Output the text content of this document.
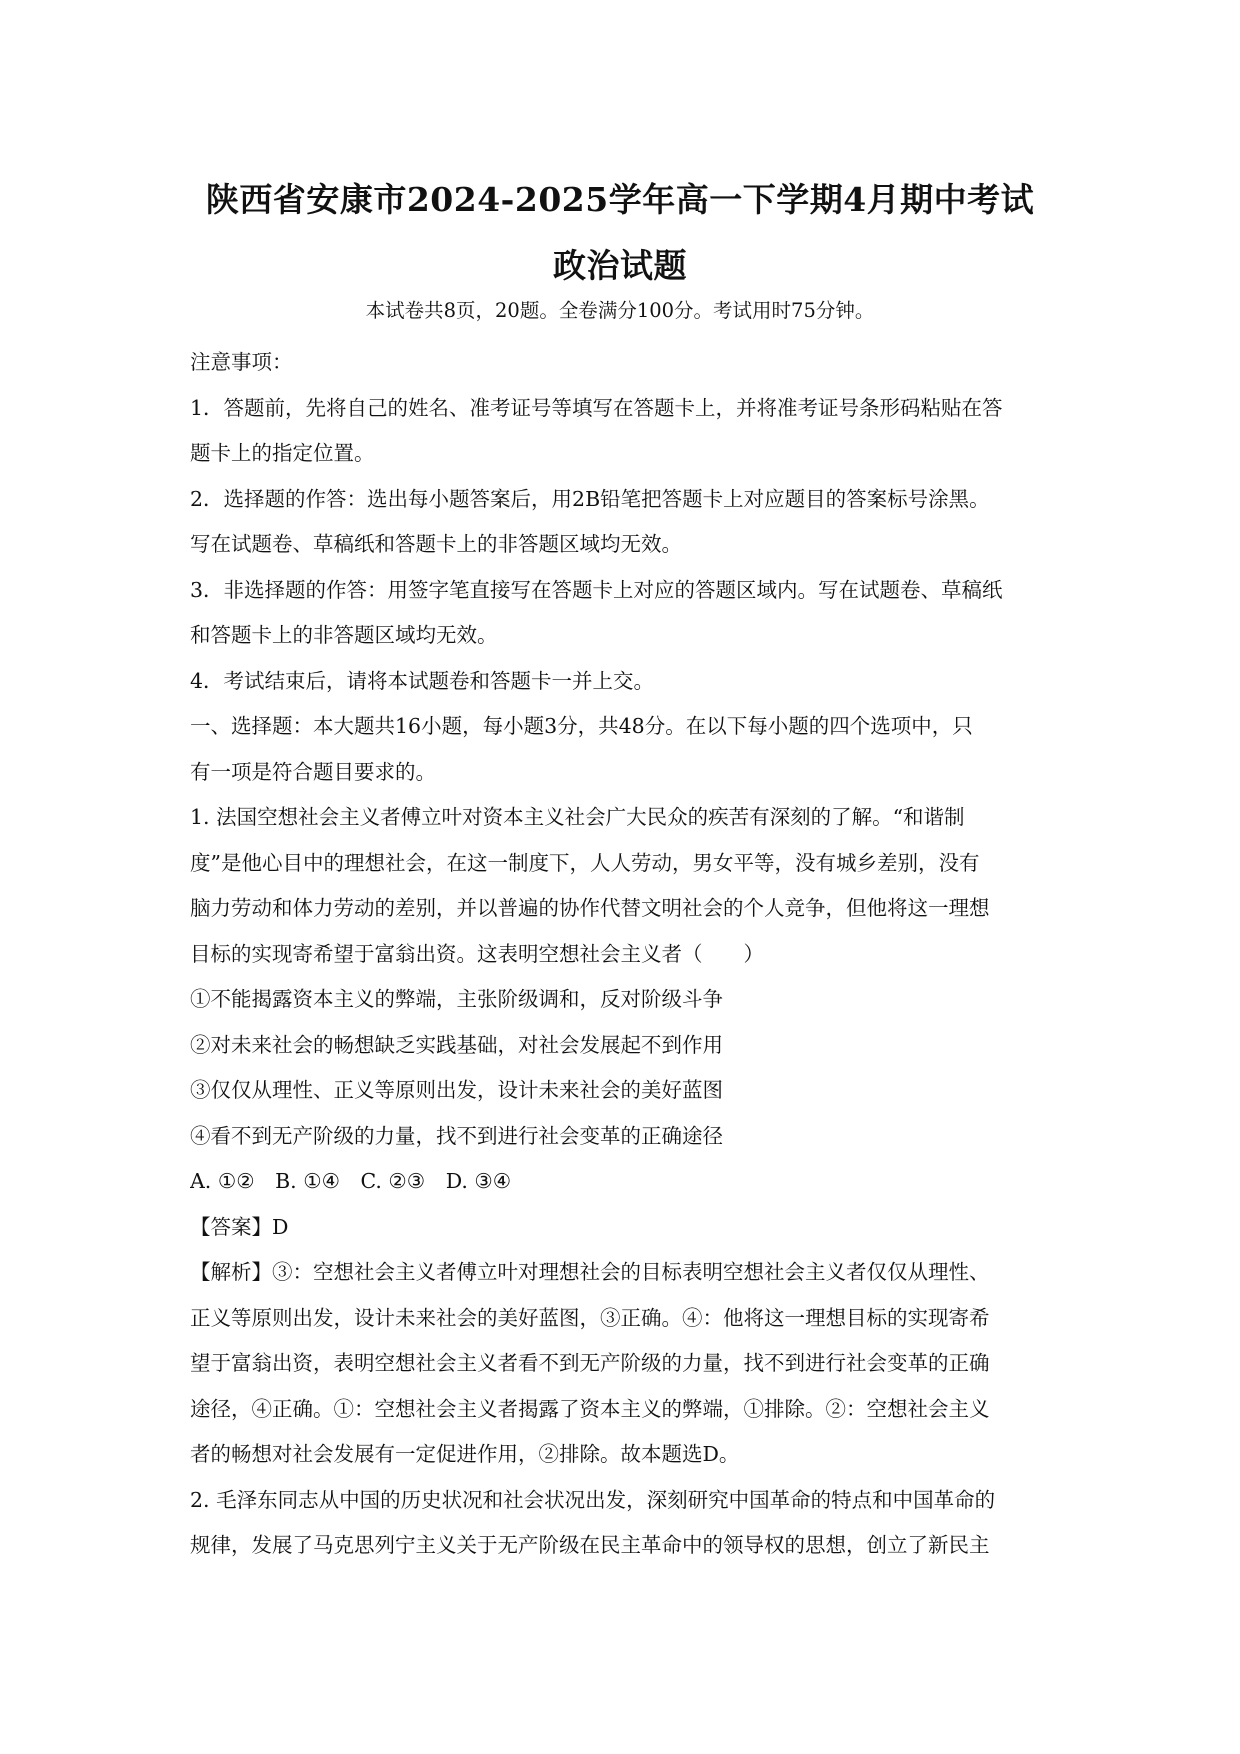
陕西省安康市2024-2025学年高一下学期4月期中考试
政治试题
本试卷共8页，20题。全卷满分100分。考试用时75分钟。
注意事项：
1．答题前，先将自己的姓名、准考证号等填写在答题卡上，并将准考证号条形码粘贴在答
题卡上的指定位置。
2．选择题的作答：选出每小题答案后，用2B铅笔把答题卡上对应题目的答案标号涂黑。
写在试题卷、草稿纸和答题卡上的非答题区域均无效。
3．非选择题的作答：用签字笔直接写在答题卡上对应的答题区域内。写在试题卷、草稿纸
和答题卡上的非答题区域均无效。
4．考试结束后，请将本试题卷和答题卡一并上交。
一、选择题：本大题共16小题，每小题3分，共48分。在以下每小题的四个选项中，只
有一项是符合题目要求的。
1. 法国空想社会主义者傅立叶对资本主义社会广大民众的疾苦有深刻的了解。“和谐制
度”是他心目中的理想社会，在这一制度下，人人劳动，男女平等，没有城乡差别，没有
脑力劳动和体力劳动的差别，并以普遍的协作代替文明社会的个人竞争，但他将这一理想
目标的实现寄希望于富翁出资。这表明空想社会主义者（　　）
①不能揭露资本主义的弊端，主张阶级调和，反对阶级斗争
②对未来社会的畅想缺乏实践基础，对社会发展起不到作用
③仅仅从理性、正义等原则出发，设计未来社会的美好蓝图
④看不到无产阶级的力量，找不到进行社会变革的正确途径
A. ①②　B. ①④　C. ②③　D. ③④
【答案】D
【解析】③：空想社会主义者傅立叶对理想社会的目标表明空想社会主义者仅仅从理性、
正义等原则出发，设计未来社会的美好蓝图，③正确。④：他将这一理想目标的实现寄希
望于富翁出资，表明空想社会主义者看不到无产阶级的力量，找不到进行社会变革的正确
途径，④正确。①：空想社会主义者揭露了资本主义的弊端，①排除。②：空想社会主义
者的畅想对社会发展有一定促进作用，②排除。故本题选D。
2. 毛泽东同志从中国的历史状况和社会状况出发，深刻研究中国革命的特点和中国革命的
规律，发展了马克思列宁主义关于无产阶级在民主革命中的领导权的思想，创立了新民主
